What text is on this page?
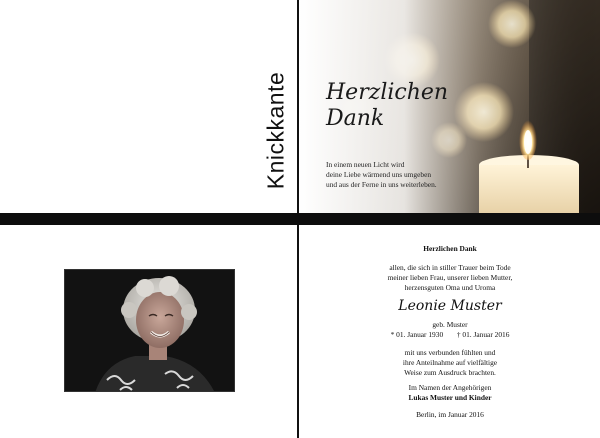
Knickkante Herzlichen
Dank
In einem neuen Licht wird
deine Liebe wärmend uns umgeben
und aus der Ferne in uns weiterleben.
Herzlichen Dank
allen, die sich in stiller Trauer beim Tode
meiner lieben Frau, unserer lieben Mutter,
herzensguten Oma und Uroma
Leonie Muster
geb. Muster
* 01. Januar 1930 † 01. Januar 2016
mit uns verbunden fühlten und
ihre Anteilnahme auf vielfältige
Weise zum Ausdruck brachten.
Im Namen der Angehörigen
Lukas Muster und Kinder
Berlin, im Januar 2016
